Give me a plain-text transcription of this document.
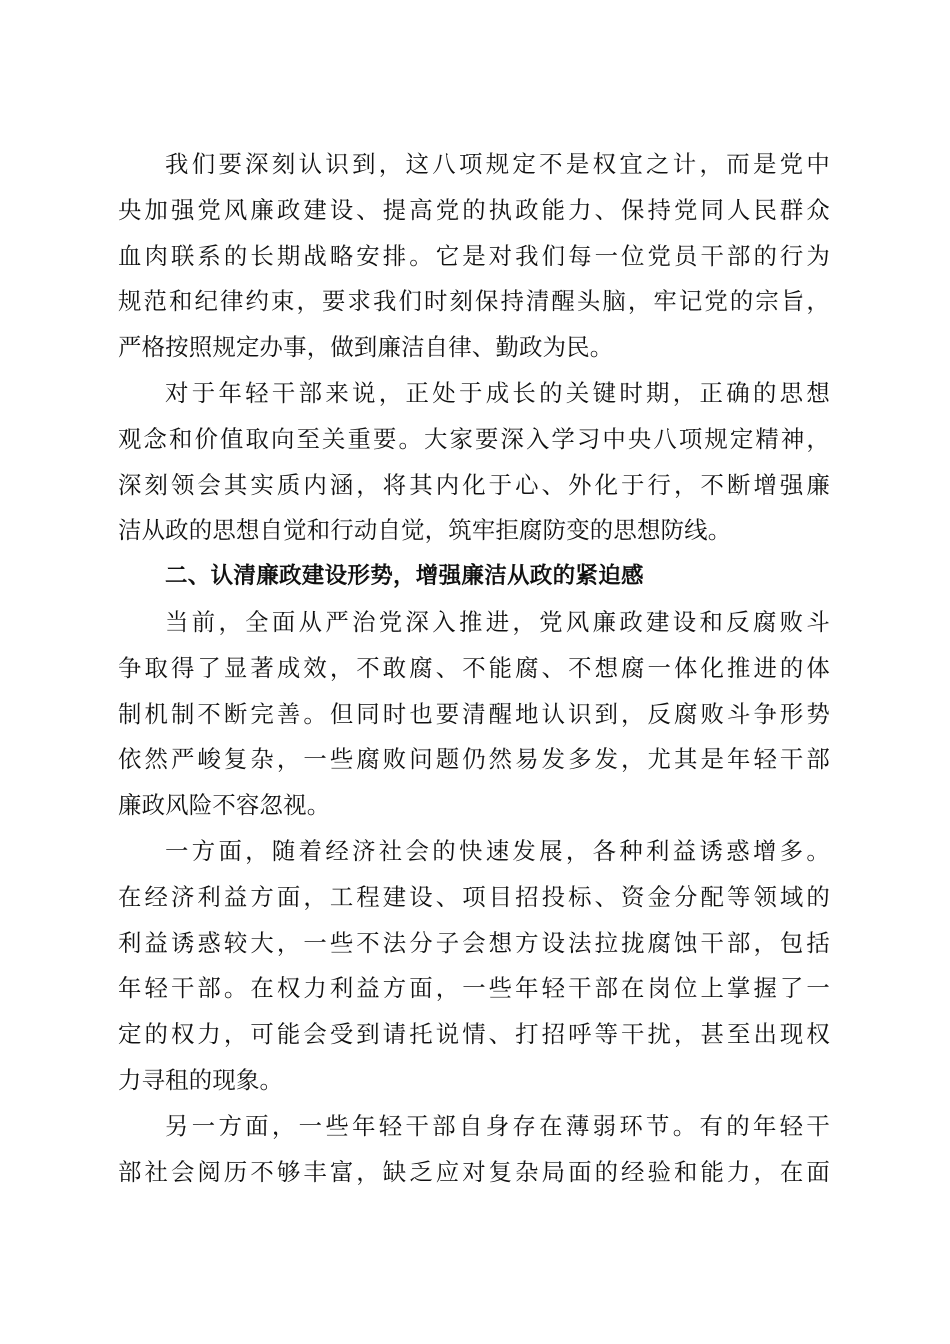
我们要深刻认识到，这八项规定不是权宜之计，而是党中
央加强党风廉政建设、提高党的执政能力、保持党同人民群众
血肉联系的长期战略安排。它是对我们每一位党员干部的行为
规范和纪律约束，要求我们时刻保持清醒头脑，牢记党的宗旨，
严格按照规定办事，做到廉洁自律、勤政为民。
对于年轻干部来说，正处于成长的关键时期，正确的思想
观念和价值取向至关重要。大家要深入学习中央八项规定精神，
深刻领会其实质内涵，将其内化于心、外化于行，不断增强廉
洁从政的思想自觉和行动自觉，筑牢拒腐防变的思想防线。
二、认清廉政建设形势，增强廉洁从政的紧迫感
当前，全面从严治党深入推进，党风廉政建设和反腐败斗
争取得了显著成效，不敢腐、不能腐、不想腐一体化推进的体
制机制不断完善。但同时也要清醒地认识到，反腐败斗争形势
依然严峻复杂，一些腐败问题仍然易发多发，尤其是年轻干部
廉政风险不容忽视。
一方面，随着经济社会的快速发展，各种利益诱惑增多。
在经济利益方面，工程建设、项目招投标、资金分配等领域的
利益诱惑较大，一些不法分子会想方设法拉拢腐蚀干部，包括
年轻干部。在权力利益方面，一些年轻干部在岗位上掌握了一
定的权力，可能会受到请托说情、打招呼等干扰，甚至出现权
力寻租的现象。
另一方面，一些年轻干部自身存在薄弱环节。有的年轻干
部社会阅历不够丰富，缺乏应对复杂局面的经验和能力，在面
